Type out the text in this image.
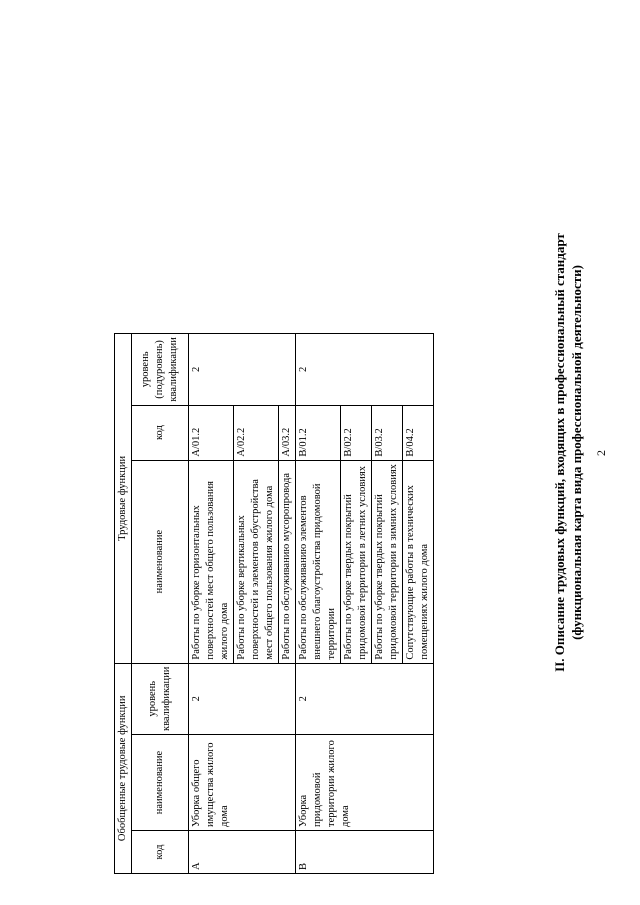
2
II. Описание трудовых функций, входящих в профессиональный стандарт (функциональная карта вида профессиональной деятельности)
Обобщенные трудовые функции			Трудовые функции		
код	наименование	уровень квалификации	наименование	код	уровень (подуровень) квалификации
A	Уборка общего имущества жилого дома	2	Работы по уборке горизонтальных поверхностей мест общего пользования жилого дома	A/01.2	2
			Работы по уборке вертикальных поверхностей и элементов обустройства мест общего пользования жилого дома	A/02.2	
			Работы по обслуживанию мусоропровода	A/03.2	
B	Уборка придомовой территории жилого дома	2	Работы по обслуживанию элементов внешнего благоустройства придомовой территории	B/01.2	2
			Работы по уборке твердых покрытий придомовой территории в летних условиях	B/02.2	
			Работы по уборке твердых покрытий придомовой территории в зимних условиях	B/03.2	
			Сопутствующие работы в технических помещениях жилого дома	B/04.2	
